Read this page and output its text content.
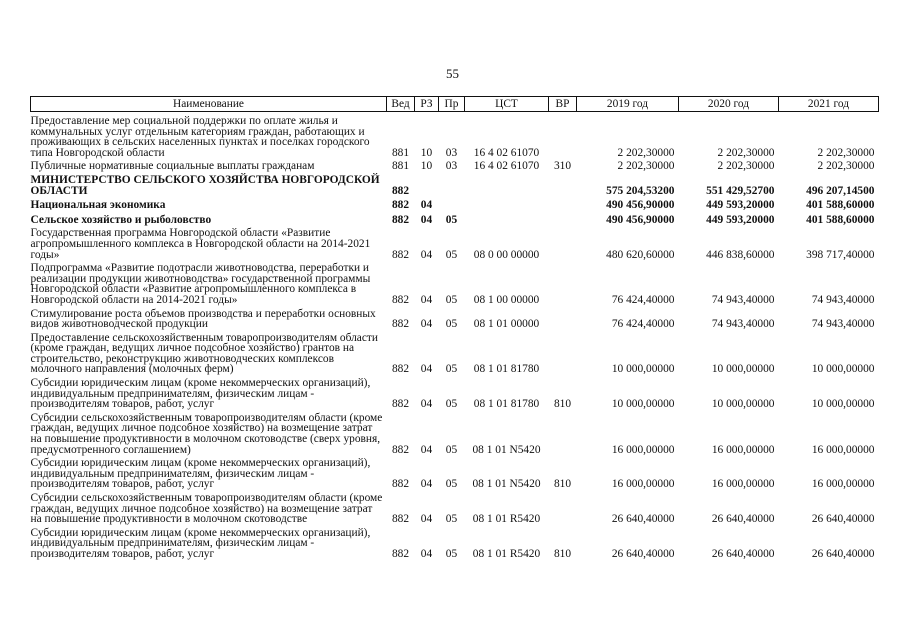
55
Наименование	Вед	РЗ	Пр	ЦСТ	ВР	2019 год	2020 год	2021 год
Предоставление мер социальной поддержки по оплате жилья и коммунальных услуг отдельным категориям граждан, работающих и проживающих в сельских населенных пунктах и поселках городского типа Новгородской области	881	10	03	16 4 02 61070		2 202,30000	2 202,30000	2 202,30000
Публичные нормативные социальные выплаты гражданам	881	10	03	16 4 02 61070	310	2 202,30000	2 202,30000	2 202,30000
МИНИСТЕРСТВО СЕЛЬСКОГО ХОЗЯЙСТВА НОВГОРОДСКОЙ ОБЛАСТИ	882					575 204,53200	551 429,52700	496 207,14500
Национальная экономика	882	04				490 456,90000	449 593,20000	401 588,60000
Сельское хозяйство и рыболовство	882	04	05			490 456,90000	449 593,20000	401 588,60000
Государственная программа Новгородской области «Развитие агропромышленного комплекса в Новгородской области на 2014-2021 годы»	882	04	05	08 0 00 00000		480 620,60000	446 838,60000	398 717,40000
Подпрограмма «Развитие подотрасли животноводства, переработки и реализации продукции животноводства» государственной программы Новгородской области «Развитие агропромышленного комплекса в Новгородской области на 2014-2021 годы»	882	04	05	08 1 00 00000		76 424,40000	74 943,40000	74 943,40000
Стимулирование роста объемов производства и переработки основных видов животноводческой продукции	882	04	05	08 1 01 00000		76 424,40000	74 943,40000	74 943,40000
Предоставление сельскохозяйственным товаропроизводителям области (кроме граждан, ведущих личное подсобное хозяйство) грантов на строительство, реконструкцию животноводческих комплексов молочного направления (молочных ферм)	882	04	05	08 1 01 81780		10 000,00000	10 000,00000	10 000,00000
Субсидии юридическим лицам (кроме некоммерческих организаций), индивидуальным предпринимателям, физическим лицам - производителям товаров, работ, услуг	882	04	05	08 1 01 81780	810	10 000,00000	10 000,00000	10 000,00000
Субсидии сельскохозяйственным товаропроизводителям области (кроме граждан, ведущих личное подсобное хозяйство) на возмещение затрат на повышение продуктивности в молочном скотоводстве (сверх уровня, предусмотренного соглашением)	882	04	05	08 1 01 N5420		16 000,00000	16 000,00000	16 000,00000
Субсидии юридическим лицам (кроме некоммерческих организаций), индивидуальным предпринимателям, физическим лицам - производителям товаров, работ, услуг	882	04	05	08 1 01 N5420	810	16 000,00000	16 000,00000	16 000,00000
Субсидии сельскохозяйственным товаропроизводителям области (кроме граждан, ведущих личное подсобное хозяйство) на возмещение затрат на повышение продуктивности в молочном скотоводстве	882	04	05	08 1 01 R5420		26 640,40000	26 640,40000	26 640,40000
Субсидии юридическим лицам (кроме некоммерческих организаций), индивидуальным предпринимателям, физическим лицам - производителям товаров, работ, услуг	882	04	05	08 1 01 R5420	810	26 640,40000	26 640,40000	26 640,40000
